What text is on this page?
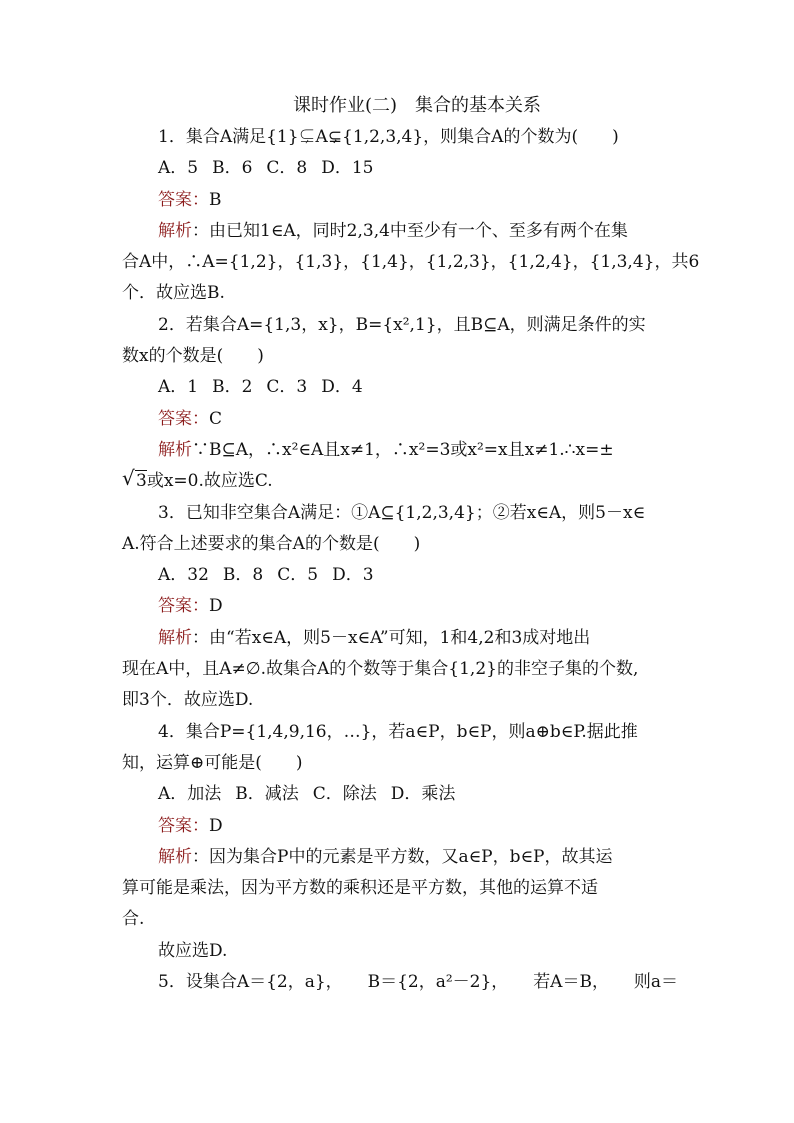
课时作业(二)　集合的基本关系
1．集合A满足{1}⊊A⊊{1,2,3,4}，则集合A的个数为(　　)
A．5 B．6 C．8 D．15
答案：B
解析：由已知1∈A，同时2,3,4中至少有一个、至多有两个在集
合A中，∴A={1,2}，{1,3}，{1,4}，{1,2,3}，{1,2,4}，{1,3,4}，共6
个．故应选B.
2．若集合A={1,3，x}，B={x²,1}，且B⊆A，则满足条件的实
数x的个数是(　　)
A．1 B．2 C．3 D．4
答案：C
解析∵B⊆A，∴x²∈A且x≠1，∴x²=3或x²=x且x≠1.∴x=±
√ 3或x=0.故应选C.
3．已知非空集合A满足：①A⊆{1,2,3,4}；②若x∈A，则5－x∈
A.符合上述要求的集合A的个数是(　　)
A．32 B．8 C．5 D．3
答案：D
解析：由“若x∈A，则5－x∈A”可知，1和4,2和3成对地出
现在A中，且A≠∅.故集合A的个数等于集合{1,2}的非空子集的个数,
即3个．故应选D.
4．集合P={1,4,9,16，…}，若a∈P，b∈P，则a⊕b∈P.据此推
知，运算⊕可能是(　　)
A．加法 B．减法 C．除法 D．乘法
答案：D
解析：因为集合P中的元素是平方数，又a∈P，b∈P，故其运
算可能是乘法，因为平方数的乘积还是平方数，其他的运算不适
合.
故应选D.
5．设集合A＝{2，a}， B＝{2，a²－2}， 若A＝B， 则a＝
